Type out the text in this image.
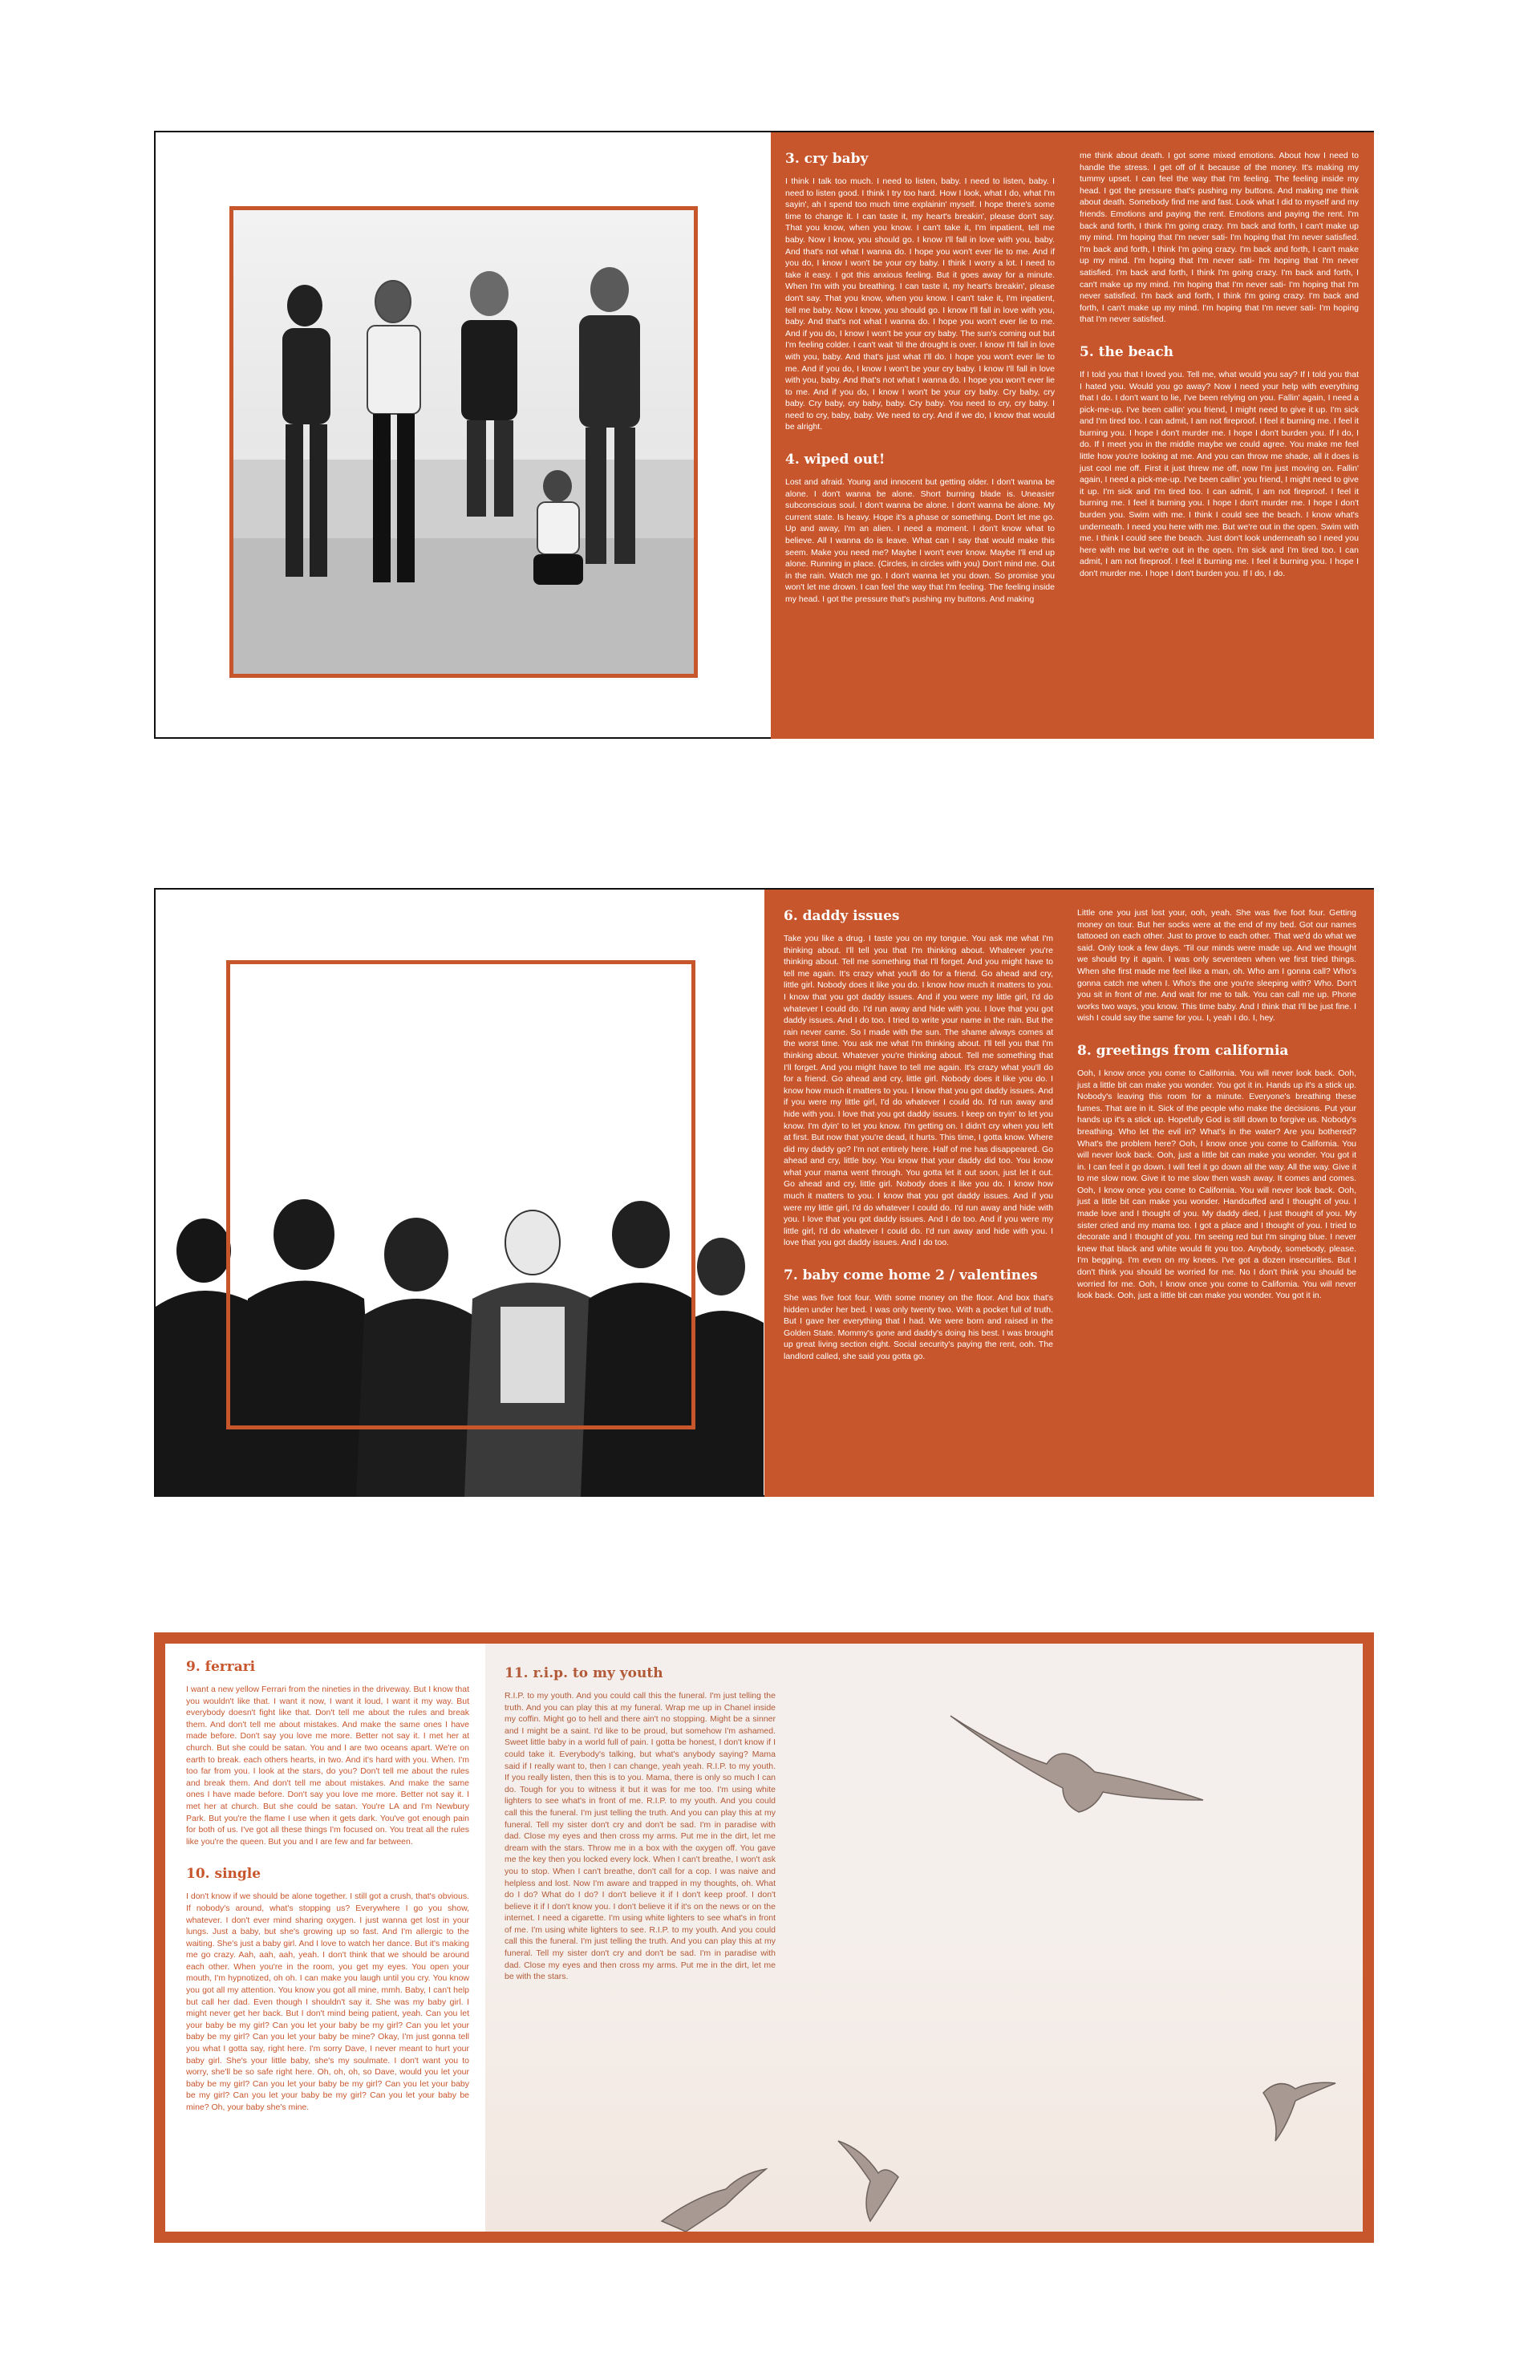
3. cry baby

I think I talk too much. I need to listen, baby. I need to listen, baby. I need to listen good. I think I try too hard. How I look, what I do, what I'm sayin', ah I spend too much time explainin' myself. I hope there's some time to change it. I can taste it, my heart's breakin', please don't say. That you know, when you know. I can't take it, I'm inpatient, tell me baby. Now I know, you should go. I know I'll fall in love with you, baby. And that's not what I wanna do. I hope you won't ever lie to me. And if you do, I know I won't be your cry baby. I think I worry a lot. I need to take it easy. I got this anxious feeling. But it goes away for a minute. When I'm with you breathing. I can taste it, my heart's breakin', please don't say. That you know, when you know. I can't take it, I'm inpatient, tell me baby. Now I know, you should go. I know I'll fall in love with you, baby. And that's not what I wanna do. I hope you won't ever lie to me. And if you do, I know I won't be your cry baby. The sun's coming out but I'm feeling colder. I can't wait 'til the drought is over. I know I'll fall in love with you, baby. And that's just what I'll do. I hope you won't ever lie to me. And if you do, I know I won't be your cry baby. I know I'll fall in love with you, baby. And that's not what I wanna do. I hope you won't ever lie to me. And if you do, I know I won't be your cry baby. Cry baby, cry baby. Cry baby, cry baby, baby. Cry baby. You need to cry, cry baby. I need to cry, baby, baby. We need to cry. And if we do, I know that would be alright.

4. wiped out!

Lost and afraid. Young and innocent but getting older. I don't wanna be alone. I don't wanna be alone. Short burning blade is. Uneasier subconscious soul. I don't wanna be alone. I don't wanna be alone. My current state. Is heavy. Hope it's a phase or something. Don't let me go. Up and away, I'm an alien. I need a moment. I don't know what to believe. All I wanna do is leave. What can I say that would make this seem. Make you need me? Maybe I won't ever know. Maybe I'll end up alone. Running in place. (Circles, in circles with you) Don't mind me. Out in the rain. Watch me go. I don't wanna let you down. So promise you won't let me drown. I can feel the way that I'm feeling. The feeling inside my head. I got the pressure that's pushing my buttons. And making

me think about death. I got some mixed emotions. About how I need to handle the stress. I get off of it because of the money. It's making my tummy upset. I can feel the way that I'm feeling. The feeling inside my head. I got the pressure that's pushing my buttons. And making me think about death. Somebody find me and fast. Look what I did to myself and my friends. Emotions and paying the rent. Emotions and paying the rent. I'm back and forth, I think I'm going crazy. I'm back and forth, I can't make up my mind. I'm hoping that I'm never sati- I'm hoping that I'm never satisfied. I'm back and forth, I think I'm going crazy. I'm back and forth, I can't make up my mind. I'm hoping that I'm never sati- I'm hoping that I'm never satisfied. I'm back and forth, I think I'm going crazy. I'm back and forth, I can't make up my mind. I'm hoping that I'm never sati- I'm hoping that I'm never satisfied. I'm back and forth, I think I'm going crazy. I'm back and forth, I can't make up my mind. I'm hoping that I'm never sati- I'm hoping that I'm never satisfied.

5. the beach

If I told you that I loved you. Tell me, what would you say? If I told you that I hated you. Would you go away? Now I need your help with everything that I do. I don't want to lie, I've been relying on you. Fallin' again, I need a pick-me-up. I've been callin' you friend, I might need to give it up. I'm sick and I'm tired too. I can admit, I am not fireproof. I feel it burning me. I feel it burning you. I hope I don't murder me. I hope I don't burden you. If I do, I do. If I meet you in the middle maybe we could agree. You make me feel little how you're looking at me. And you can throw me shade, all it does is just cool me off. First it just threw me off, now I'm just moving on. Fallin' again, I need a pick-me-up. I've been callin' you friend, I might need to give it up. I'm sick and I'm tired too. I can admit, I am not fireproof. I feel it burning me. I feel it burning you. I hope I don't murder me. I hope I don't burden you. Swim with me. I think I could see the beach. I know what's underneath. I need you here with me. But we're out in the open. Swim with me. I think I could see the beach. Just don't look underneath so I need you here with me but we're out in the open. I'm sick and I'm tired too. I can admit, I am not fireproof. I feel it burning me. I feel it burning you. I hope I don't murder me. I hope I don't burden you. If I do, I do.

6. daddy issues

Take you like a drug. I taste you on my tongue. You ask me what I'm thinking about. I'll tell you that I'm thinking about. Whatever you're thinking about. Tell me something that I'll forget. And you might have to tell me again. It's crazy what you'll do for a friend. Go ahead and cry, little girl. Nobody does it like you do. I know how much it matters to you. I know that you got daddy issues. And if you were my little girl, I'd do whatever I could do. I'd run away and hide with you. I love that you got daddy issues. And I do too. I tried to write your name in the rain. But the rain never came. So I made with the sun. The shame always comes at the worst time. You ask me what I'm thinking about. I'll tell you that I'm thinking about. Whatever you're thinking about. Tell me something that I'll forget. And you might have to tell me again. It's crazy what you'll do for a friend. Go ahead and cry, little girl. Nobody does it like you do. I know how much it matters to you. I know that you got daddy issues. And if you were my little girl, I'd do whatever I could do. I'd run away and hide with you. I love that you got daddy issues. I keep on tryin' to let you know. I'm dyin' to let you know. I'm getting on. I didn't cry when you left at first. But now that you're dead, it hurts. This time, I gotta know. Where did my daddy go? I'm not entirely here. Half of me has disappeared. Go ahead and cry, little boy. You know that your daddy did too. You know what your mama went through. You gotta let it out soon, just let it out. Go ahead and cry, little girl. Nobody does it like you do. I know how much it matters to you. I know that you got daddy issues. And if you were my little girl, I'd do whatever I could do. I'd run away and hide with you. I love that you got daddy issues. And I do too. And if you were my little girl, I'd do whatever I could do. I'd run away and hide with you. I love that you got daddy issues. And I do too.

7. baby come home 2 / valentines

She was five foot four. With some money on the floor. And box that's hidden under her bed. I was only twenty two. With a pocket full of truth. But I gave her everything that I had. We were born and raised in the Golden State. Mommy's gone and daddy's doing his best. I was brought up great living section eight. Social security's paying the rent, ooh. The landlord called, she said you gotta go.

Little one you just lost your, ooh, yeah. She was five foot four. Getting money on tour. But her socks were at the end of my bed. Got our names tattooed on each other. Just to prove to each other. That we'd do what we said. Only took a few days. 'Til our minds were made up. And we thought we should try it again. I was only seventeen when we first tried things. When she first made me feel like a man, oh. Who am I gonna call? Who's gonna catch me when I. Who's the one you're sleeping with? Who. Don't you sit in front of me. And wait for me to talk. You can call me up. Phone works two ways, you know. This time baby. And I think that I'll be just fine. I wish I could say the same for you. I, yeah I do. I, hey.

8. greetings from california

Ooh, I know once you come to California. You will never look back. Ooh, just a little bit can make you wonder. You got it in. Hands up it's a stick up. Nobody's leaving this room for a minute. Everyone's breathing these fumes. That are in it. Sick of the people who make the decisions. Put your hands up it's a stick up. Hopefully God is still down to forgive us. Nobody's breathing. Who let the evil in? What's in the water? Are you bothered? What's the problem here? Ooh, I know once you come to California. You will never look back. Ooh, just a little bit can make you wonder. You got it in. I can feel it go down. I will feel it go down all the way. All the way. Give it to me slow now. Give it to me slow then wash away. It comes and comes. Ooh, I know once you come to California. You will never look back. Ooh, just a little bit can make you wonder. Handcuffed and I thought of you. I made love and I thought of you. My daddy died, I just thought of you. My sister cried and my mama too. I got a place and I thought of you. I tried to decorate and I thought of you. I'm seeing red but I'm singing blue. I never knew that black and white would fit you too. Anybody, somebody, please. I'm begging. I'm even on my knees. I've got a dozen insecurities. But I don't think you should be worried for me. No I don't think you should be worried for me. Ooh, I know once you come to California. You will never look back. Ooh, just a little bit can make you wonder. You got it in.

9. ferrari

I want a new yellow Ferrari from the nineties in the driveway. But I know that you wouldn't like that. I want it now, I want it loud, I want it my way. But everybody doesn't fight like that. Don't tell me about the rules and break them. And don't tell me about mistakes. And make the same ones I have made before. Don't say you love me more. Better not say it. I met her at church. But she could be satan. You and I are two oceans apart. We're on earth to break. each others hearts, in two. And it's hard with you. When. I'm too far from you. I look at the stars, do you? Don't tell me about the rules and break them. And don't tell me about mistakes. And make the same ones I have made before. Don't say you love me more. Better not say it. I met her at church. But she could be satan. You're LA and I'm Newbury Park. But you're the flame I use when it gets dark. You've got enough pain for both of us. I've got all these things I'm focused on. You treat all the rules like you're the queen. But you and I are few and far between.

10. single

I don't know if we should be alone together. I still got a crush, that's obvious. If nobody's around, what's stopping us? Everywhere I go you show, whatever. I don't ever mind sharing oxygen. I just wanna get lost in your lungs. Just a baby, but she's growing up so fast. And I'm allergic to the waiting. She's just a baby girl. And I love to watch her dance. But it's making me go crazy. Aah, aah, aah, yeah. I don't think that we should be around each other. When you're in the room, you get my eyes. You open your mouth, I'm hypnotized, oh oh. I can make you laugh until you cry. You know you got all my attention. You know you got all mine, mmh. Baby, I can't help but call her dad. Even though I shouldn't say it. She was my baby girl. I might never get her back. But I don't mind being patient, yeah. Can you let your baby be my girl? Can you let your baby be my girl? Can you let your baby be my girl? Can you let your baby be mine? Okay, I'm just gonna tell you what I gotta say, right here. I'm sorry Dave, I never meant to hurt your baby girl. She's your little baby, she's my soulmate. I don't want you to worry, she'll be so safe right here. Oh, oh, oh, so Dave, would you let your baby be my girl? Can you let your baby be my girl? Can you let your baby be my girl? Can you let your baby be my girl? Can you let your baby be mine? Oh, your baby she's mine.

11. r.i.p. to my youth

R.I.P. to my youth. And you could call this the funeral. I'm just telling the truth. And you can play this at my funeral. Wrap me up in Chanel inside my coffin. Might go to hell and there ain't no stopping. Might be a sinner and I might be a saint. I'd like to be proud, but somehow I'm ashamed. Sweet little baby in a world full of pain. I gotta be honest, I don't know if I could take it. Everybody's talking, but what's anybody saying? Mama said if I really want to, then I can change, yeah yeah. R.I.P. to my youth. If you really listen, then this is to you. Mama, there is only so much I can do. Tough for you to witness it but it was for me too. I'm using white lighters to see what's in front of me. R.I.P. to my youth. And you could call this the funeral. I'm just telling the truth. And you can play this at my funeral. Tell my sister don't cry and don't be sad. I'm in paradise with dad. Close my eyes and then cross my arms. Put me in the dirt, let me dream with the stars. Throw me in a box with the oxygen off. You gave me the key then you locked every lock. When I can't breathe, I won't ask you to stop. When I can't breathe, don't call for a cop. I was naive and helpless and lost. Now I'm aware and trapped in my thoughts, oh. What do I do? What do I do? I don't believe it if I don't keep proof. I don't believe it if I don't know you. I don't believe it if it's on the news or on the internet. I need a cigarette. I'm using white lighters to see what's in front of me. I'm using white lighters to see. R.I.P. to my youth. And you could call this the funeral. I'm just telling the truth. And you can play this at my funeral. Tell my sister don't cry and don't be sad. I'm in paradise with dad. Close my eyes and then cross my arms. Put me in the dirt, let me be with the stars.
